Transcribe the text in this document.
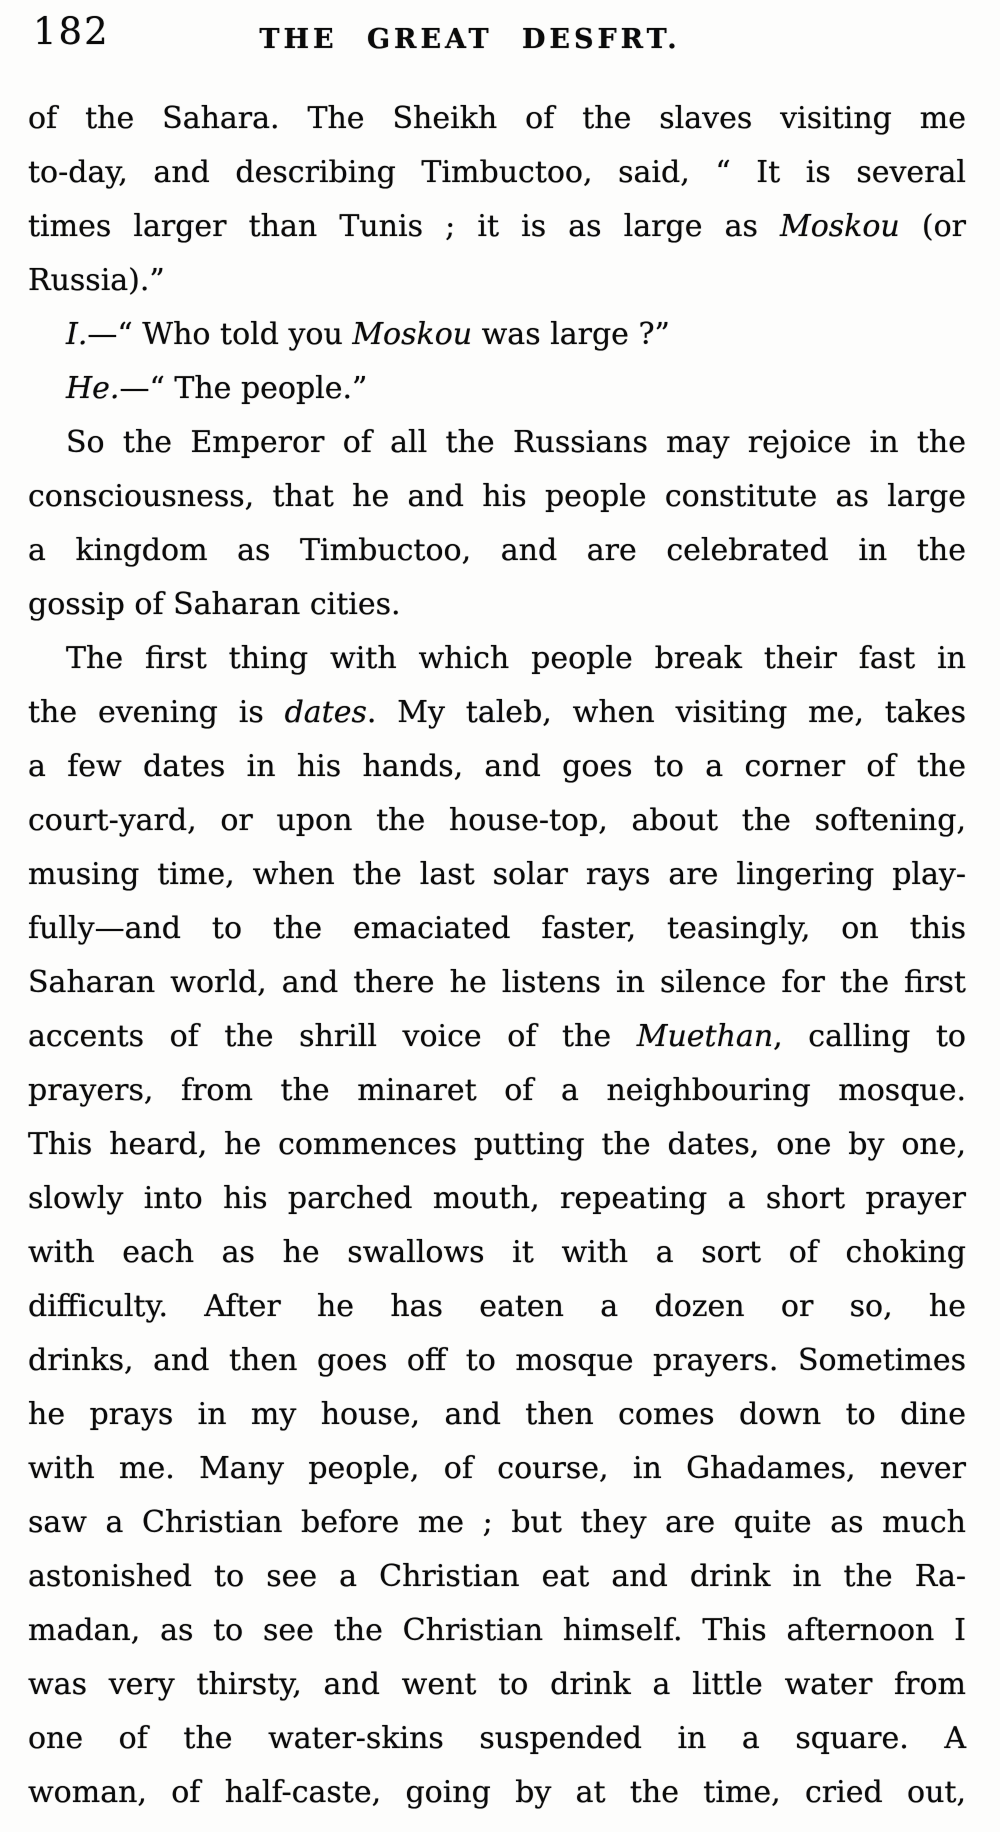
182	THE GREAT DESFRT.
of the Sahara. The Sheikh of the slaves visiting me
to-day, and describing Timbuctoo, said, “ It is several
times larger than Tunis ; it is as large as Moskou (or
Russia).”
I.—“ Who told you Moskou was large ?”
He.—“ The people.”
So the Emperor of all the Russians may rejoice in the
consciousness, that he and his people constitute as large
a kingdom as Timbuctoo, and are celebrated in the
gossip of Saharan cities.
The first thing with which people break their fast in
the evening is dates. My taleb, when visiting me, takes
a few dates in his hands, and goes to a corner of the
court-yard, or upon the house-top, about the softening,
musing time, when the last solar rays are lingering play-
fully—and to the emaciated faster, teasingly, on this
Saharan world, and there he listens in silence for the first
accents of the shrill voice of the Muethan, calling to
prayers, from the minaret of a neighbouring mosque.
This heard, he commences putting the dates, one by one,
slowly into his parched mouth, repeating a short prayer
with each as he swallows it with a sort of choking
difficulty. After he has eaten a dozen or so, he
drinks, and then goes off to mosque prayers. Sometimes
he prays in my house, and then comes down to dine
with me. Many people, of course, in Ghadames, never
saw a Christian before me ; but they are quite as much
astonished to see a Christian eat and drink in the Ra-
madan, as to see the Christian himself. This afternoon I
was very thirsty, and went to drink a little water from
one of the water-skins suspended in a square. A
woman, of half-caste, going by at the time, cried out,
